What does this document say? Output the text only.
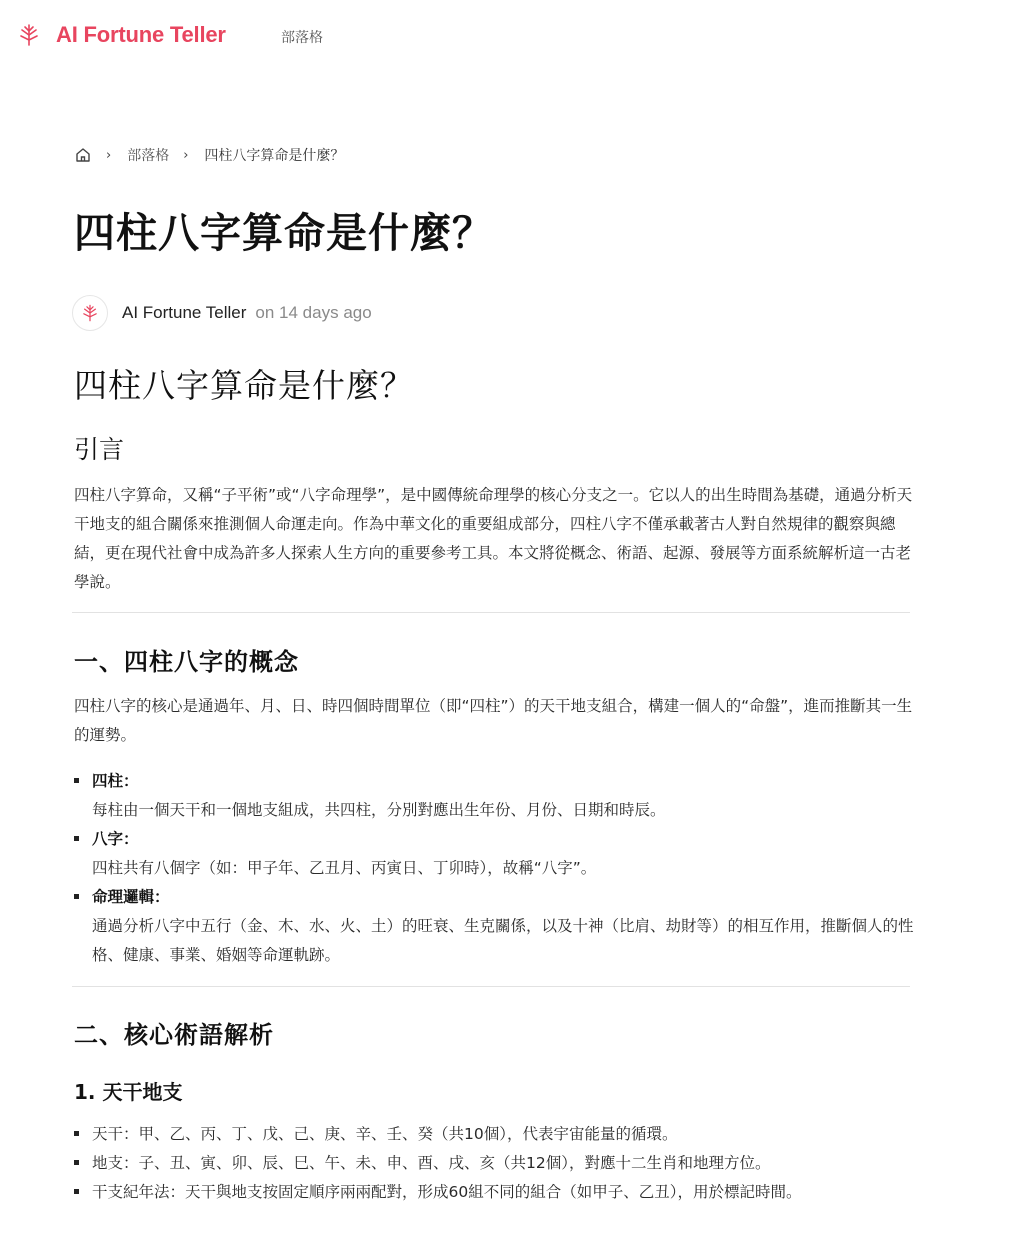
AI Fortune Teller	部落格
› 部落格 › 四柱八字算命是什麼？
四柱八字算命是什麼？
AI Fortune Teller on 14 days ago
四柱八字算命是什麼？
引言

四柱八字算命，又稱“子平術”或“八字命理學”，是中國傳統命理學的核心分支之一。它以人的出生時間為基礎，通過分析天干地支的組合關係來推測個人命運走向。作為中華文化的重要組成部分，四柱八字不僅承載著古人對自然規律的觀察與總結，更在現代社會中成為許多人探索人生方向的重要參考工具。本文將從概念、術語、起源、發展等方面系統解析這一古老學說。

一、四柱八字的概念

四柱八字的核心是通過年、月、日、時四個時間單位（即“四柱”）的天干地支組合，構建一個人的“命盤”，進而推斷其一生的運勢。

四柱：
每柱由一個天干和一個地支組成，共四柱，分別對應出生年份、月份、日期和時辰。
八字：
四柱共有八個字（如：甲子年、乙丑月、丙寅日、丁卯時），故稱“八字”。
命理邏輯：
通過分析八字中五行（金、木、水、火、土）的旺衰、生克關係，以及十神（比肩、劫財等）的相互作用，推斷個人的性格、健康、事業、婚姻等命運軌跡。
二、核心術語解析
1. 天干地支
天干：甲、乙、丙、丁、戊、己、庚、辛、壬、癸（共10個），代表宇宙能量的循環。
地支：子、丑、寅、卯、辰、巳、午、未、申、酉、戌、亥（共12個），對應十二生肖和地理方位。
干支紀年法：天干與地支按固定順序兩兩配對，形成60組不同的組合（如甲子、乙丑），用於標記時間。
